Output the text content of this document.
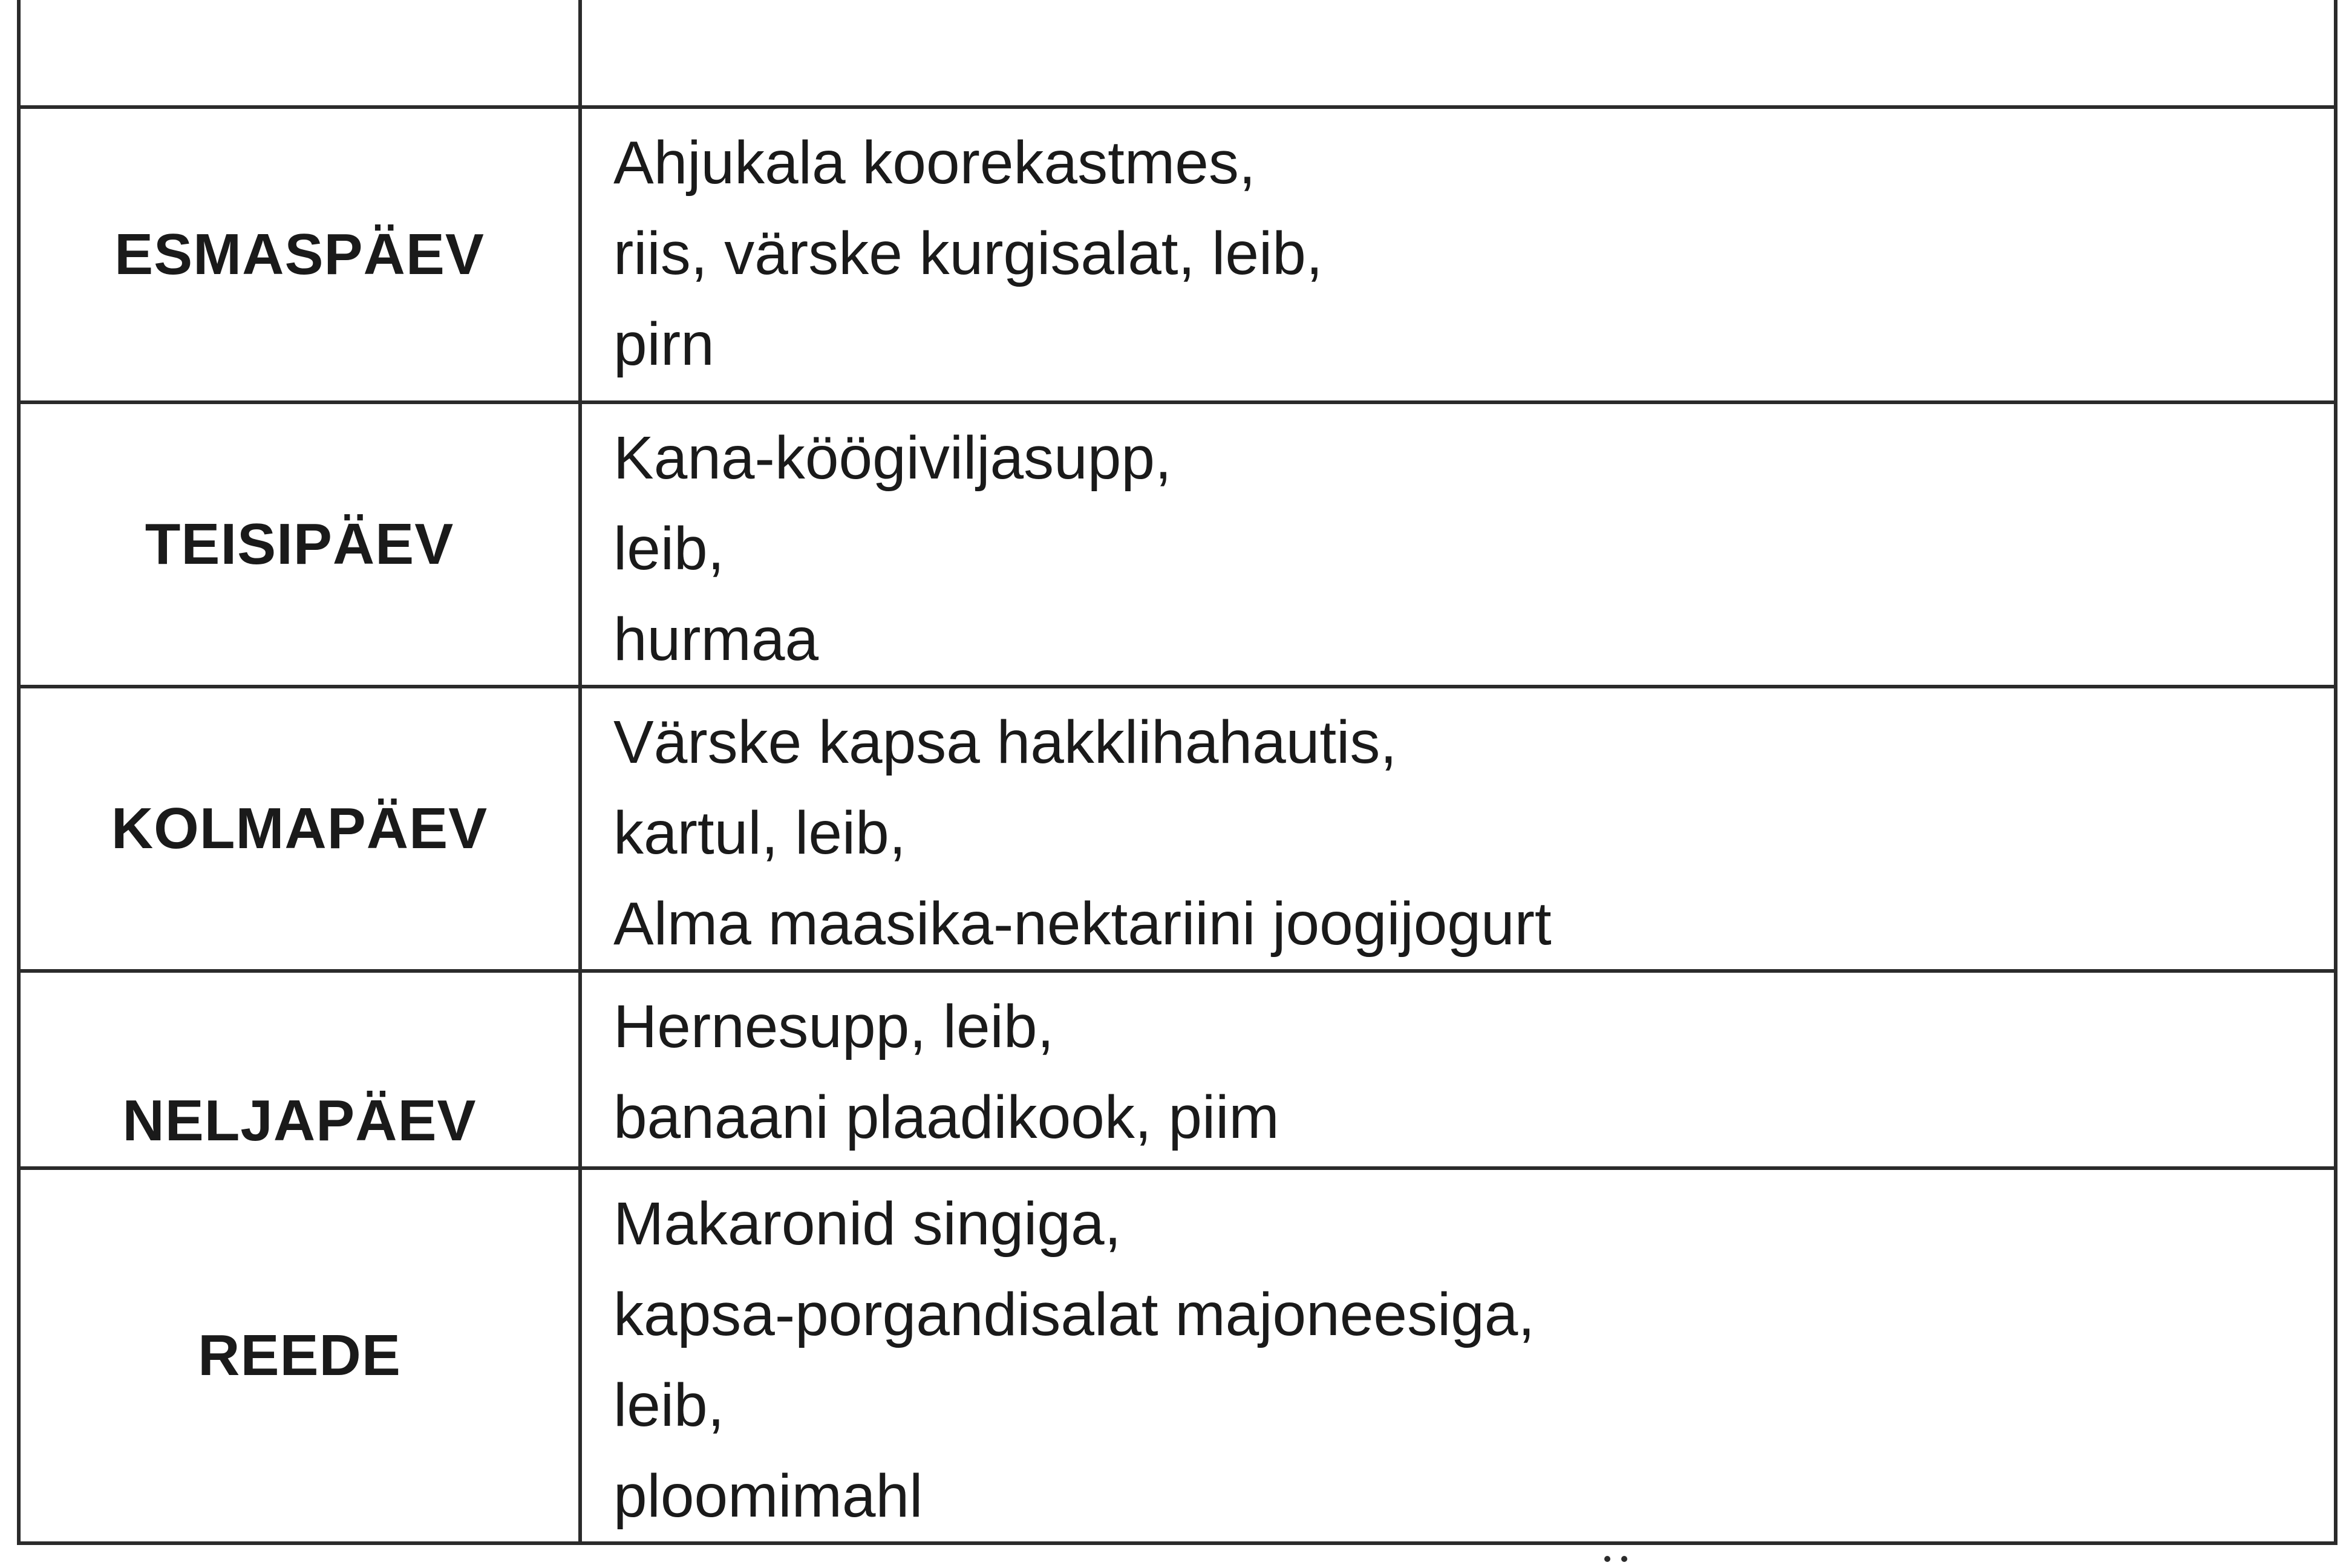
ESMASPÄEV	Ahjukala koorekastmes,
riis, värske kurgisalat, leib,
pirn

TEISIPÄEV	Kana-köögiviljasupp,
leib,
hurmaa

KOLMAPÄEV	Värske kapsa hakklihahautis,
kartul, leib,
Alma maasika-nektariini joogijogurt

NELJAPÄEV	Hernesupp, leib,
banaani plaadikook, piim

REEDE	Makaronid singiga,
kapsa-porgandisalat majoneesiga,
leib,
ploomimahl
